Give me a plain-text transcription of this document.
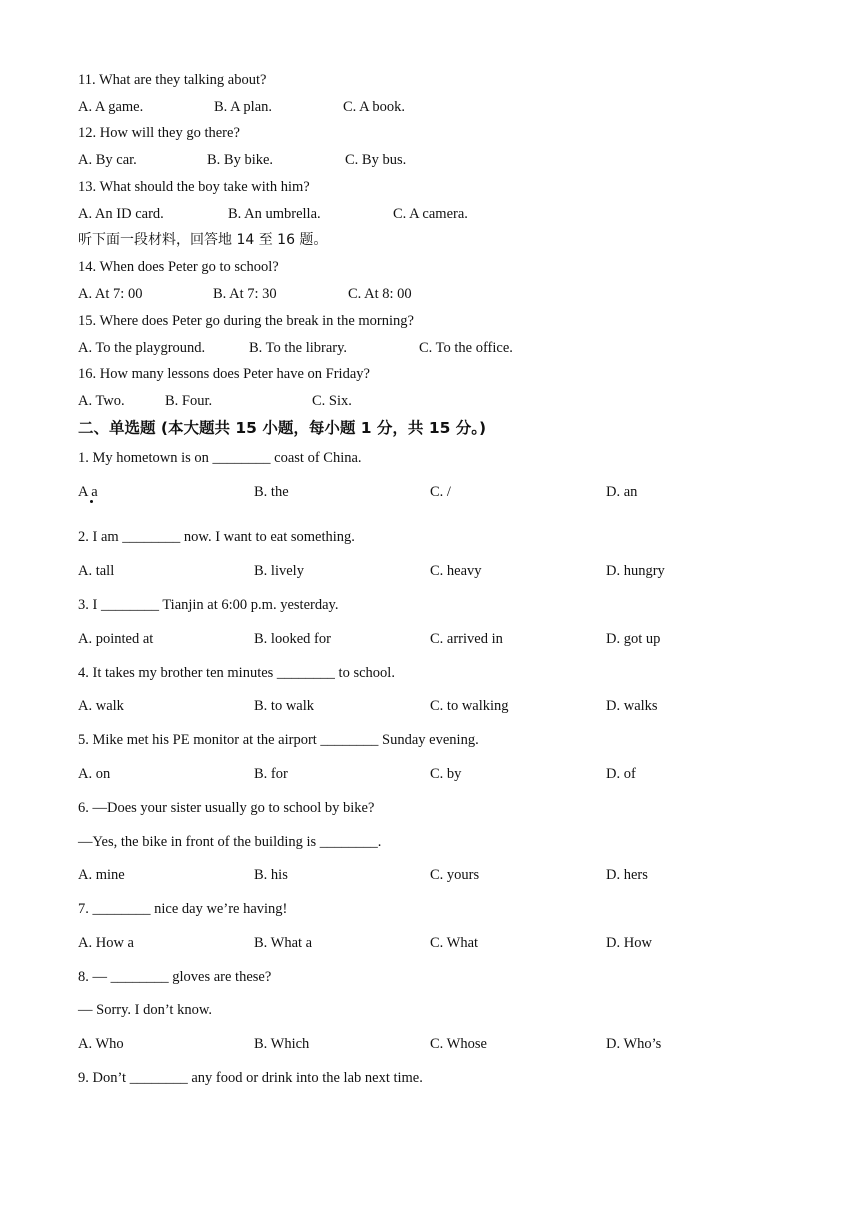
11. What are they talking about?
A. A game.	B. A plan.	C. A book.
12. How will they go there?
A. By car.	B. By bike.	C. By bus.
13. What should the boy take with him?
A. An ID card.	B. An umbrella.	C. A camera.
听下面一段材料，回答地 14 至 16 题。
14. When does Peter go to school?
A. At 7: 00	B. At 7: 30	C. At 8: 00
15. Where does Peter go during the break in the morning?
A. To the playground.	B. To the library.	C. To the office.
16. How many lessons does Peter have on Friday?
A. Two.	B. Four.	C. Six.
二、单选题 (本大题共 15 小题，每小题 1 分，共 15 分。)
1. My hometown is on ________ coast of China.
A a	B. the	C. /	D. an
2. I am ________ now. I want to eat something.
A. tall	B. lively	C. heavy	D. hungry
3. I ________ Tianjin at 6:00 p.m. yesterday.
A. pointed at	B. looked for	C. arrived in	D. got up
4. It takes my brother ten minutes ________ to school.
A. walk	B. to walk	C. to walking	D. walks
5. Mike met his PE monitor at the airport ________ Sunday evening.
A. on	B. for	C. by	D. of
6. —Does your sister usually go to school by bike?
—Yes, the bike in front of the building is ________.
A. mine	B. his	C. yours	D. hers
7. ________ nice day we’re having!
A. How a	B. What a	C. What	D. How
8. — ________ gloves are these?
— Sorry. I don’t know.
A. Who	B. Which	C. Whose	D. Who’s
9. Don’t ________ any food or drink into the lab next time.
